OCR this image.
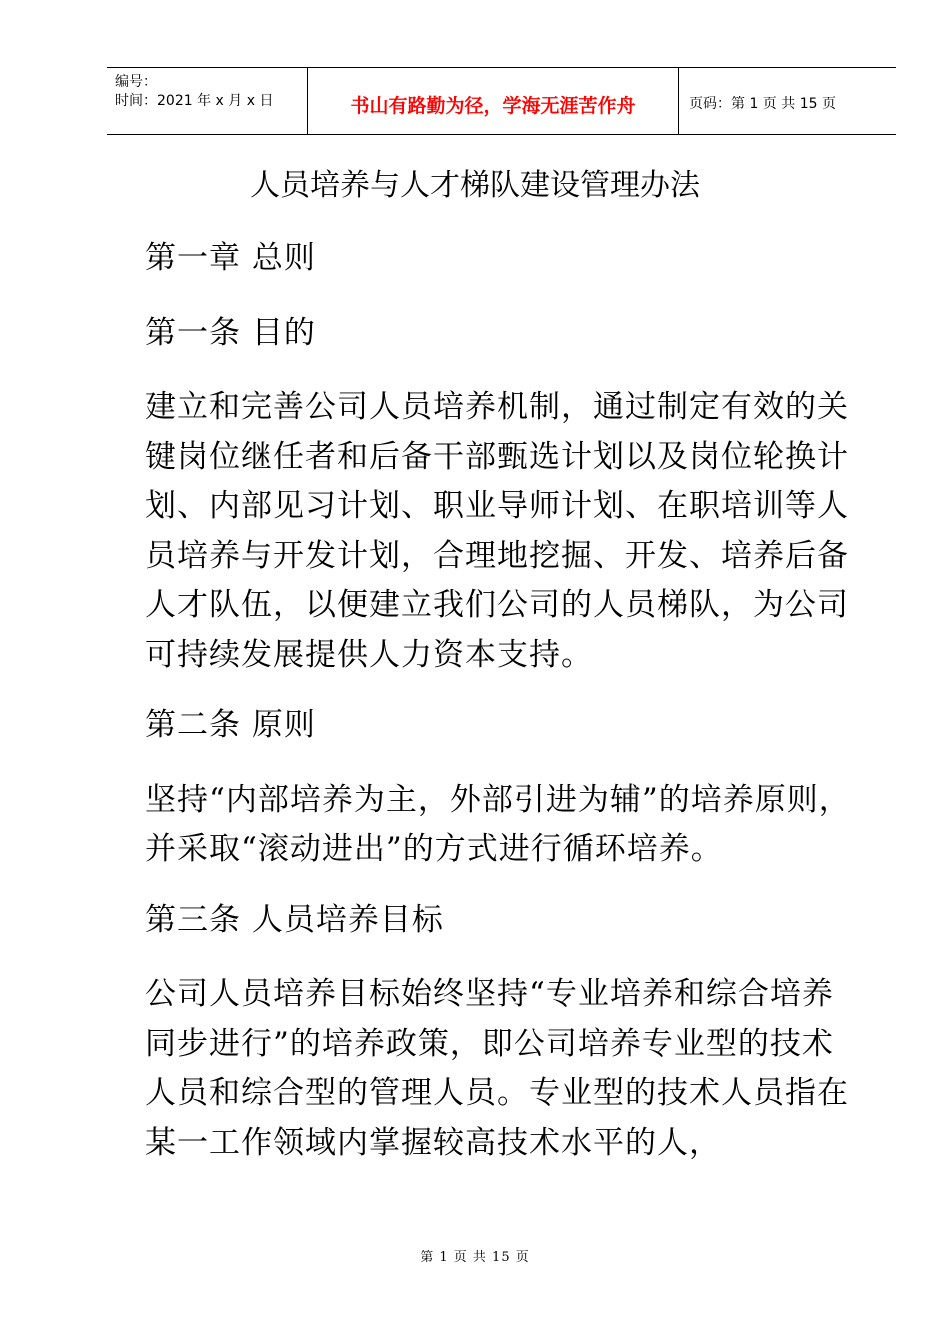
编号：
时间：2021 年 x 月 x 日	书山有路勤为径，学海无涯苦作舟	页码：第 1 页 共 15 页
人员培养与人才梯队建设管理办法

第一章 总则

第一条 目的

建立和完善公司人员培养机制，通过制定有效的关键岗位继任者和后备干部甄选计划以及岗位轮换计划、内部见习计划、职业导师计划、在职培训等人员培养与开发计划，合理地挖掘、开发、培养后备人才队伍，以便建立我们公司的人员梯队，为公司可持续发展提供人力资本支持。

第二条 原则

坚持“内部培养为主，外部引进为辅”的培养原则，并采取“滚动进出”的方式进行循环培养。

第三条 人员培养目标

公司人员培养目标始终坚持“专业培养和综合培养同步进行”的培养政策，即公司培养专业型的技术人员和综合型的管理人员。专业型的技术人员指在某一工作领域内掌握较高技术水平的人，

第 1 页 共 15 页
